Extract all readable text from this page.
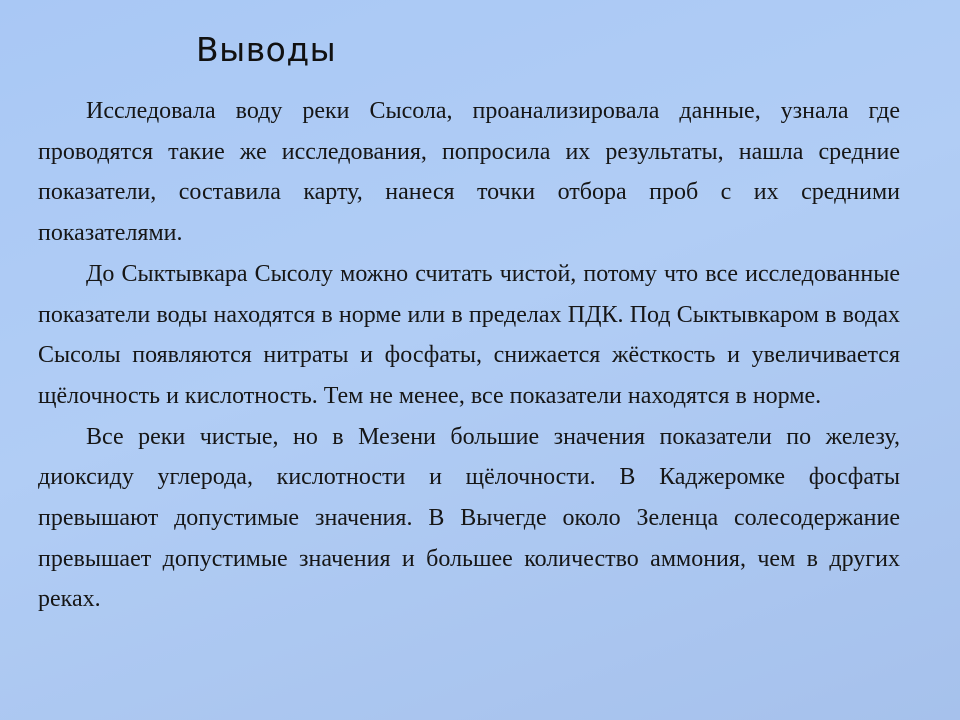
Выводы

Исследовала воду реки Сысола, проанализировала данные, узнала где проводятся такие же исследования, попросила их результаты, нашла средние показатели, составила карту, нанеся точки отбора проб с их средними показателями.

До Сыктывкара Сысолу можно считать чистой, потому что все исследованные показатели воды находятся в норме или в пределах ПДК. Под Сыктывкаром в водах Сысолы появляются нитраты и фосфаты, снижается жёсткость и увеличивается щёлочность и кислотность. Тем не менее, все показатели находятся в норме.

Все реки чистые, но в Мезени большие значения показатели по железу, диоксиду углерода, кислотности и щёлочности. В Каджеромке фосфаты превышают допустимые значения. В Вычегде около Зеленца солесодержание превышает допустимые значения и большее количество аммония, чем в других реках.
